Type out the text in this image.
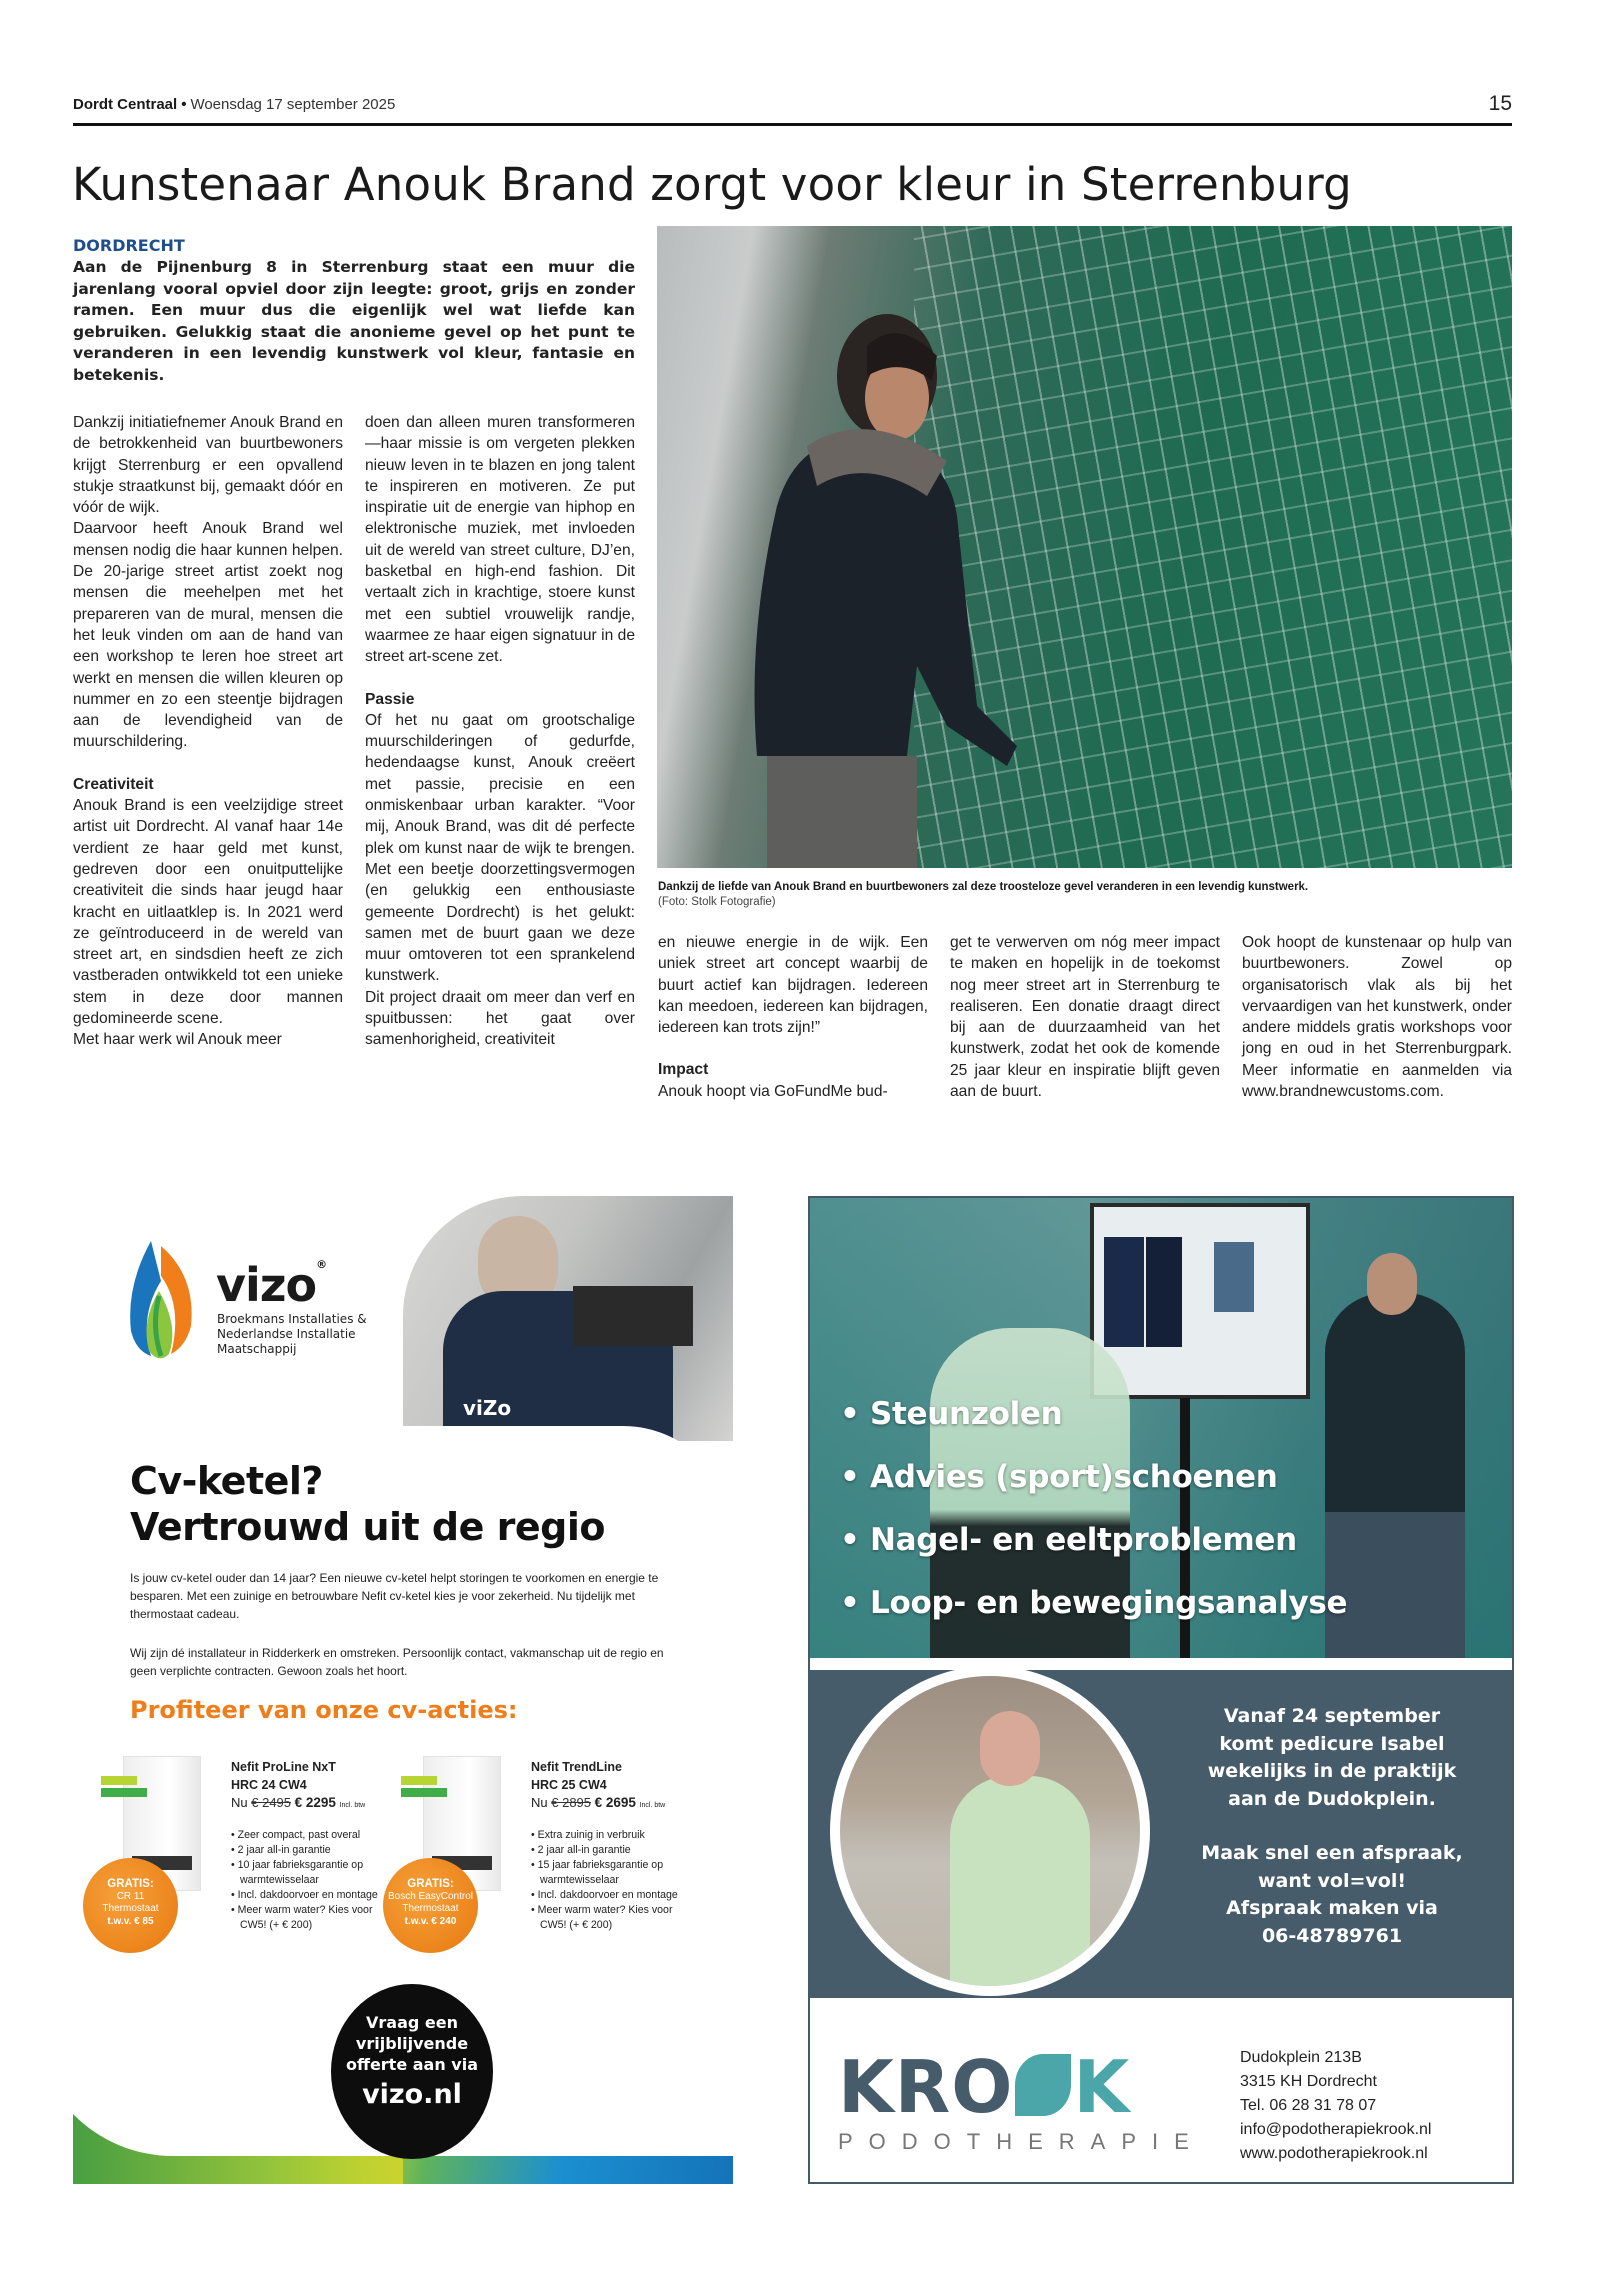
Dordt Centraal • Woensdag 17 september 2025	15
Kunstenaar Anouk Brand zorgt voor kleur in Sterrenburg
DORDRECHT
Aan de Pijnenburg 8 in Sterrenburg staat een muur die jarenlang vooral opviel door zijn leegte: groot, grijs en zonder ramen. Een muur dus die eigenlijk wel wat liefde kan gebruiken. Gelukkig staat die anonieme gevel op het punt te veranderen in een levendig kunstwerk vol kleur, fantasie en betekenis.

Dankzij initiatiefnemer Anouk Brand en de betrokkenheid van buurtbewoners krijgt Sterrenburg er een opvallend stukje straatkunst bij, gemaakt dóór en vóór de wijk.

Daarvoor heeft Anouk Brand wel mensen nodig die haar kunnen helpen. De 20-jarige street artist zoekt nog mensen die meehelpen met het prepareren van de mural, mensen die het leuk vinden om aan de hand van een workshop te leren hoe street art werkt en mensen die willen kleuren op nummer en zo een steentje bijdragen aan de levendigheid van de muurschildering.

Creativiteit

Anouk Brand is een veelzijdige street artist uit Dordrecht. Al vanaf haar 14e verdient ze haar geld met kunst, gedreven door een onuitputtelijke creativiteit die sinds haar jeugd haar kracht en uitlaatklep is. In 2021 werd ze geïntroduceerd in de wereld van street art, en sindsdien heeft ze zich vastberaden ontwikkeld tot een unieke stem in deze door mannen gedomineerde scene.

Met haar werk wil Anouk meer

doen dan alleen muren transformeren—haar missie is om vergeten plekken nieuw leven in te blazen en jong talent te inspireren en motiveren. Ze put inspiratie uit de energie van hiphop en elektronische muziek, met invloeden uit de wereld van street culture, DJ’en, basketbal en high-end fashion. Dit vertaalt zich in krachtige, stoere kunst met een subtiel vrouwelijk randje, waarmee ze haar eigen signatuur in de street art-scene zet.

Passie

Of het nu gaat om grootschalige muurschilderingen of gedurfde, hedendaagse kunst, Anouk creëert met passie, precisie en een onmiskenbaar urban karakter. “Voor mij, Anouk Brand, was dit dé perfecte plek om kunst naar de wijk te brengen. Met een beetje doorzettingsvermogen (en gelukkig een enthousiaste gemeente Dordrecht) is het gelukt: samen met de buurt gaan we deze muur omtoveren tot een sprankelend kunstwerk.

Dit project draait om meer dan verf en spuitbussen: het gaat over samenhorigheid, creativiteit

Dankzij de liefde van Anouk Brand en buurtbewoners zal deze troosteloze gevel veranderen in een levendig kunstwerk.
(Foto: Stolk Fotografie)

en nieuwe energie in de wijk. Een uniek street art concept waarbij de buurt actief kan bijdragen. Iedereen kan meedoen, iedereen kan bijdragen, iedereen kan trots zijn!”

Impact

Anouk hoopt via GoFundMe bud-

get te verwerven om nóg meer impact te maken en hopelijk in de toekomst nog meer street art in Sterrenburg te realiseren. Een donatie draagt direct bij aan de duurzaamheid van het kunstwerk, zodat het ook de komende 25 jaar kleur en inspiratie blijft geven aan de buurt.

Ook hoopt de kunstenaar op hulp van buurtbewoners. Zowel op organisatorisch vlak als bij het vervaardigen van het kunstwerk, onder andere middels gratis workshops voor jong en oud in het Sterrenburgpark. Meer informatie en aanmelden via www.brandnewcustoms.com.

viZo
vizo®
Broekmans Installaties &
Nederlandse Installatie
Maatschappij
Cv-ketel?
Vertrouwd uit de regio
Is jouw cv-ketel ouder dan 14 jaar? Een nieuwe cv-ketel helpt storingen te voorkomen en energie te besparen. Met een zuinige en betrouwbare Nefit cv-ketel kies je voor zekerheid. Nu tijdelijk met thermostaat cadeau.
Wij zijn dé installateur in Ridderkerk en omstreken. Persoonlijk contact, vakmanschap uit de regio en geen verplichte contracten. Gewoon zoals het hoort.
Profiteer van onze cv-acties:
GRATIS:
CR 11
Thermostaat
t.w.v. € 85
Nefit ProLine NxT
HRC 24 CW4
Nu € 2495 € 2295 Incl. btw
• Zeer compact, past overal
• 2 jaar all-in garantie
• 10 jaar fabrieksgarantie op warmtewisselaar
• Incl. dakdoorvoer en montage
• Meer warm water? Kies voor CW5! (+ € 200)
GRATIS:
Bosch EasyControl
Thermostaat
t.w.v. € 240
Nefit TrendLine
HRC 25 CW4
Nu € 2895 € 2695 Incl. btw
• Extra zuinig in verbruik
• 2 jaar all-in garantie
• 15 jaar fabrieksgarantie op warmtewisselaar
• Incl. dakdoorvoer en montage
• Meer warm water? Kies voor CW5! (+ € 200)
Vraag een
vrijblijvende
offerte aan via
vizo.nl
Zinkstraat 15, Ridderkerk
0180 423 722
klantenservice@vizo.nl
Onderdeel van
vizo
installateurs b.v.
• Steunzolen
• Advies (sport)schoenen
• Nagel- en eeltproblemen
• Loop- en bewegingsanalyse
Vanaf 24 september
komt pedicure Isabel
wekelijks in de praktijk
aan de Dudokplein.
Maak snel een afspraak,
want vol=vol!
Afspraak maken via
06-48789761
KRO K
PODOTHERAPIE
Dudokplein 213B
3315 KH Dordrecht
Tel. 06 28 31 78 07
info@podotherapiekrook.nl
www.podotherapiekrook.nl
